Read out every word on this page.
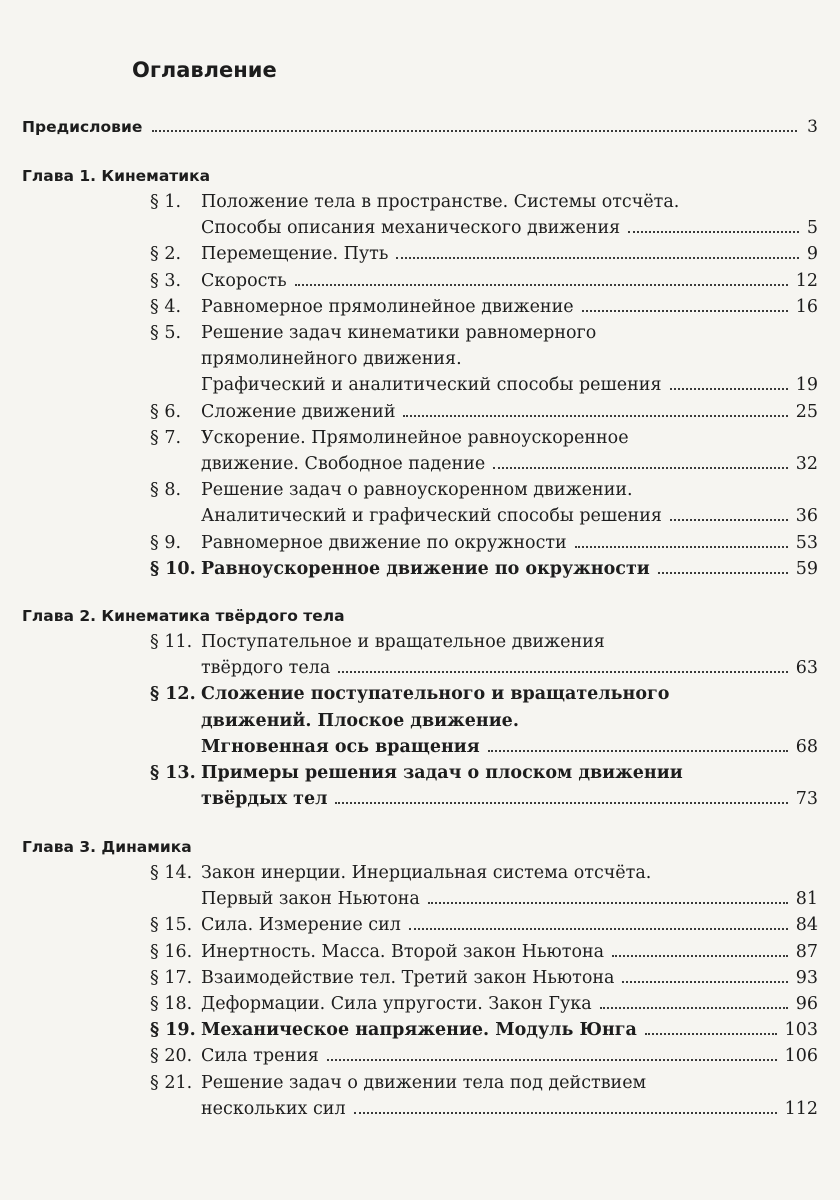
Оглавление
Предисловие	3
Глава 1. Кинематика
Глава 2. Кинематика твёрдого тела
Глава 3. Динамика
§ 1. Положение тела в пространстве. Системы отсчёта.
Способы описания механического движения	5
§ 2. Перемещение. Путь	9
§ 3. Скорость	12
§ 4. Равномерное прямолинейное движение	16
§ 5. Решение задач кинематики равномерного
прямолинейного движения.
Графический и аналитический способы решения	19
§ 6. Сложение движений	25
§ 7. Ускорение. Прямолинейное равноускоренное
движение. Свободное падение	32
§ 8. Решение задач о равноускоренном движении.
Аналитический и графический способы решения	36
§ 9. Равномерное движение по окружности	53
§ 10. Равноускоренное движение по окружности	59
§ 11. Поступательное и вращательное движения
твёрдого тела	63
§ 12. Сложение поступательного и вращательного
движений. Плоское движение.
Мгновенная ось вращения	68
§ 13. Примеры решения задач о плоском движении
твёрдых тел	73
§ 14. Закон инерции. Инерциальная система отсчёта.
Первый закон Ньютона	81
§ 15. Сила. Измерение сил	84
§ 16. Инертность. Масса. Второй закон Ньютона	87
§ 17. Взаимодействие тел. Третий закон Ньютона	93
§ 18. Деформации. Сила упругости. Закон Гука	96
§ 19. Механическое напряжение. Модуль Юнга	103
§ 20. Сила трения	106
§ 21. Решение задач о движении тела под действием
нескольких сил	112
